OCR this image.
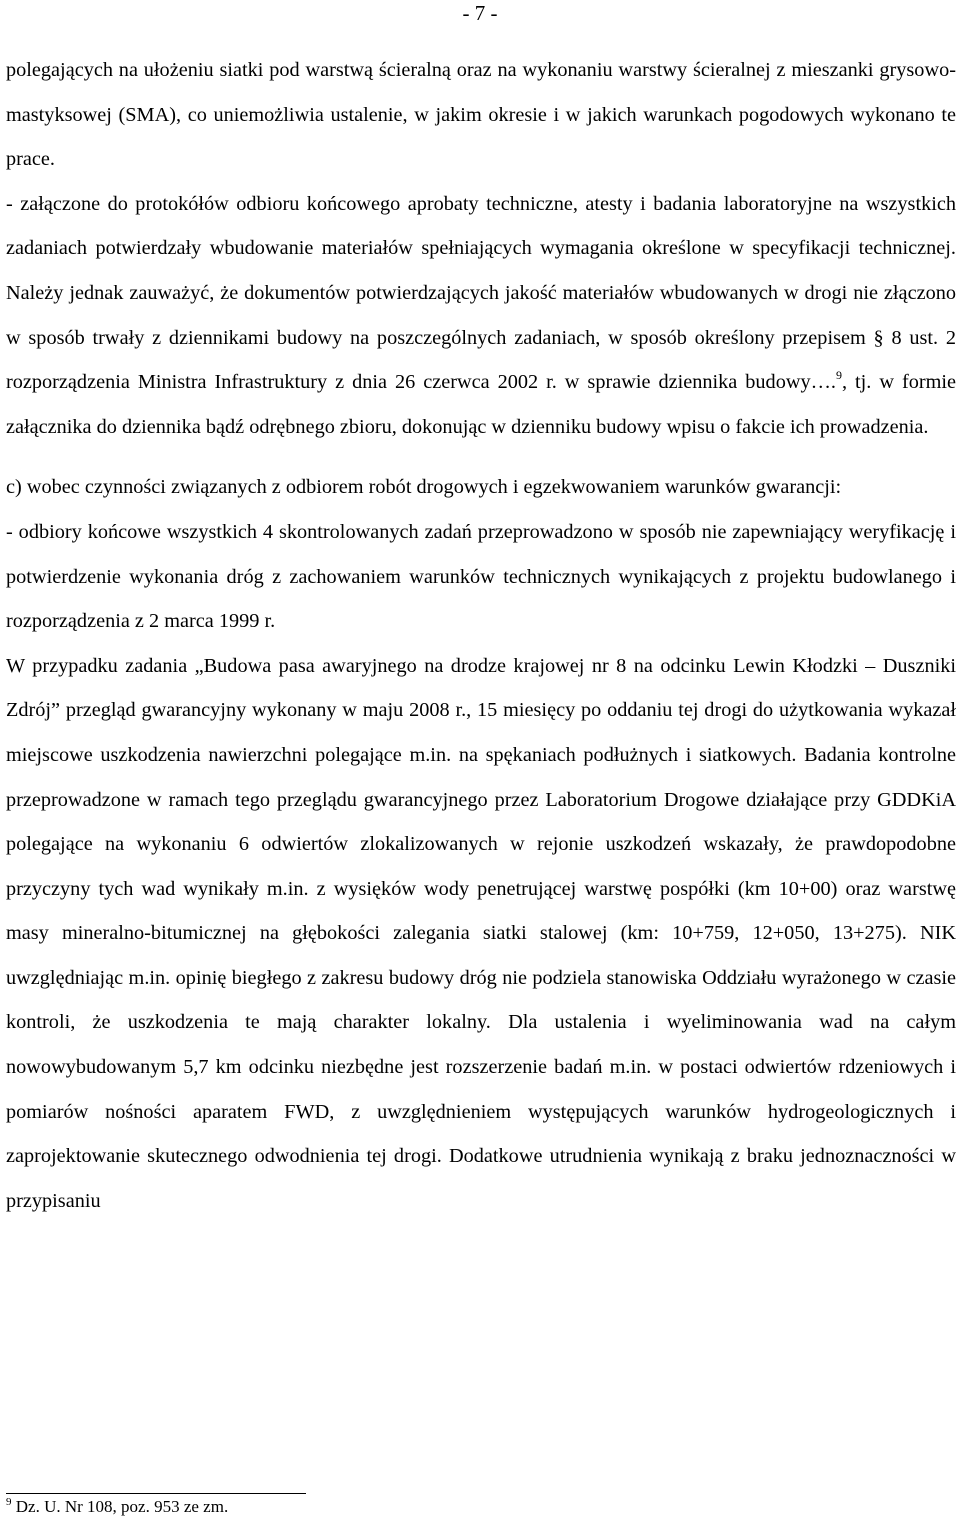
- 7 -

polegających na ułożeniu siatki pod warstwą ścieralną oraz na wykonaniu warstwy ścieralnej z mieszanki grysowo-mastyksowej (SMA), co uniemożliwia ustalenie, w jakim okresie i w jakich warunkach pogodowych wykonano te prace.

- załączone do protokółów odbioru końcowego aprobaty techniczne, atesty i badania laboratoryjne na wszystkich zadaniach potwierdzały wbudowanie materiałów spełniających wymagania określone w specyfikacji technicznej. Należy jednak zauważyć, że dokumentów potwierdzających jakość materiałów wbudowanych w drogi nie złączono w sposób trwały z dziennikami budowy na poszczególnych zadaniach, w sposób określony przepisem § 8 ust. 2 rozporządzenia Ministra Infrastruktury z dnia 26 czerwca 2002 r. w sprawie dziennika budowy….$^9$, tj. w formie załącznika do dziennika bądź odrębnego zbioru, dokonując w dzienniku budowy wpisu o fakcie ich prowadzenia.

c) wobec czynności związanych z odbiorem robót drogowych i egzekwowaniem warunków gwarancji:

- odbiory końcowe wszystkich 4 skontrolowanych zadań przeprowadzono w sposób nie zapewniający weryfikację i potwierdzenie wykonania dróg z zachowaniem warunków technicznych wynikających z projektu budowlanego i rozporządzenia z 2 marca 1999 r.

W przypadku zadania „Budowa pasa awaryjnego na drodze krajowej nr 8 na odcinku Lewin Kłodzki – Duszniki Zdrój” przegląd gwarancyjny wykonany w maju 2008 r., 15 miesięcy po oddaniu tej drogi do użytkowania wykazał miejscowe uszkodzenia nawierzchni polegające m.in. na spękaniach podłużnych i siatkowych. Badania kontrolne przeprowadzone w ramach tego przeglądu gwarancyjnego przez Laboratorium Drogowe działające przy GDDKiA polegające na wykonaniu 6 odwiertów zlokalizowanych w rejonie uszkodzeń wskazały, że prawdopodobne przyczyny tych wad wynikały m.in. z wysięków wody penetrującej warstwę pospółki (km 10+00) oraz warstwę masy mineralno-bitumicznej na głębokości zalegania siatki stalowej (km: 10+759, 12+050, 13+275). NIK uwzględniając m.in. opinię biegłego z zakresu budowy dróg nie podziela stanowiska Oddziału wyrażonego w czasie kontroli, że uszkodzenia te mają charakter lokalny. Dla ustalenia i wyeliminowania wad na całym nowowybudowanym 5,7 km odcinku niezbędne jest rozszerzenie badań m.in. w postaci odwiertów rdzeniowych i pomiarów nośności aparatem FWD, z uwzględnieniem występujących warunków hydrogeologicznych i zaprojektowanie skutecznego odwodnienia tej drogi. Dodatkowe utrudnienia wynikają z braku jednoznaczności w przypisaniu

$^9$ Dz. U. Nr 108, poz. 953 ze zm.
